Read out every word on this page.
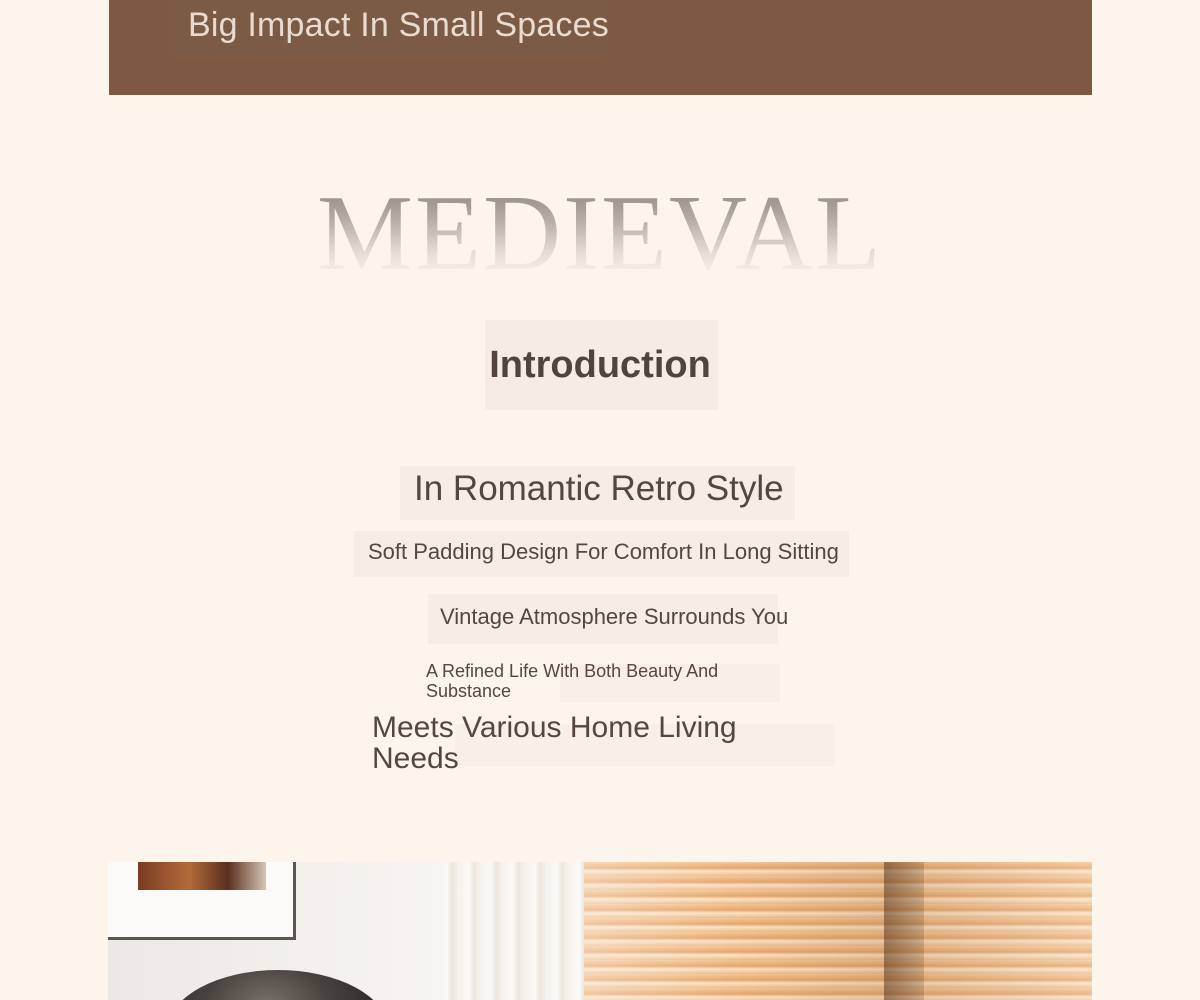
Big Impact In Small Spaces
MEDIEVAL
Introduction
In Romantic Retro Style
Soft Padding Design For Comfort In Long Sitting
Vintage Atmosphere Surrounds You
A Refined Life With Both Beauty And Substance
Meets Various Home Living Needs
